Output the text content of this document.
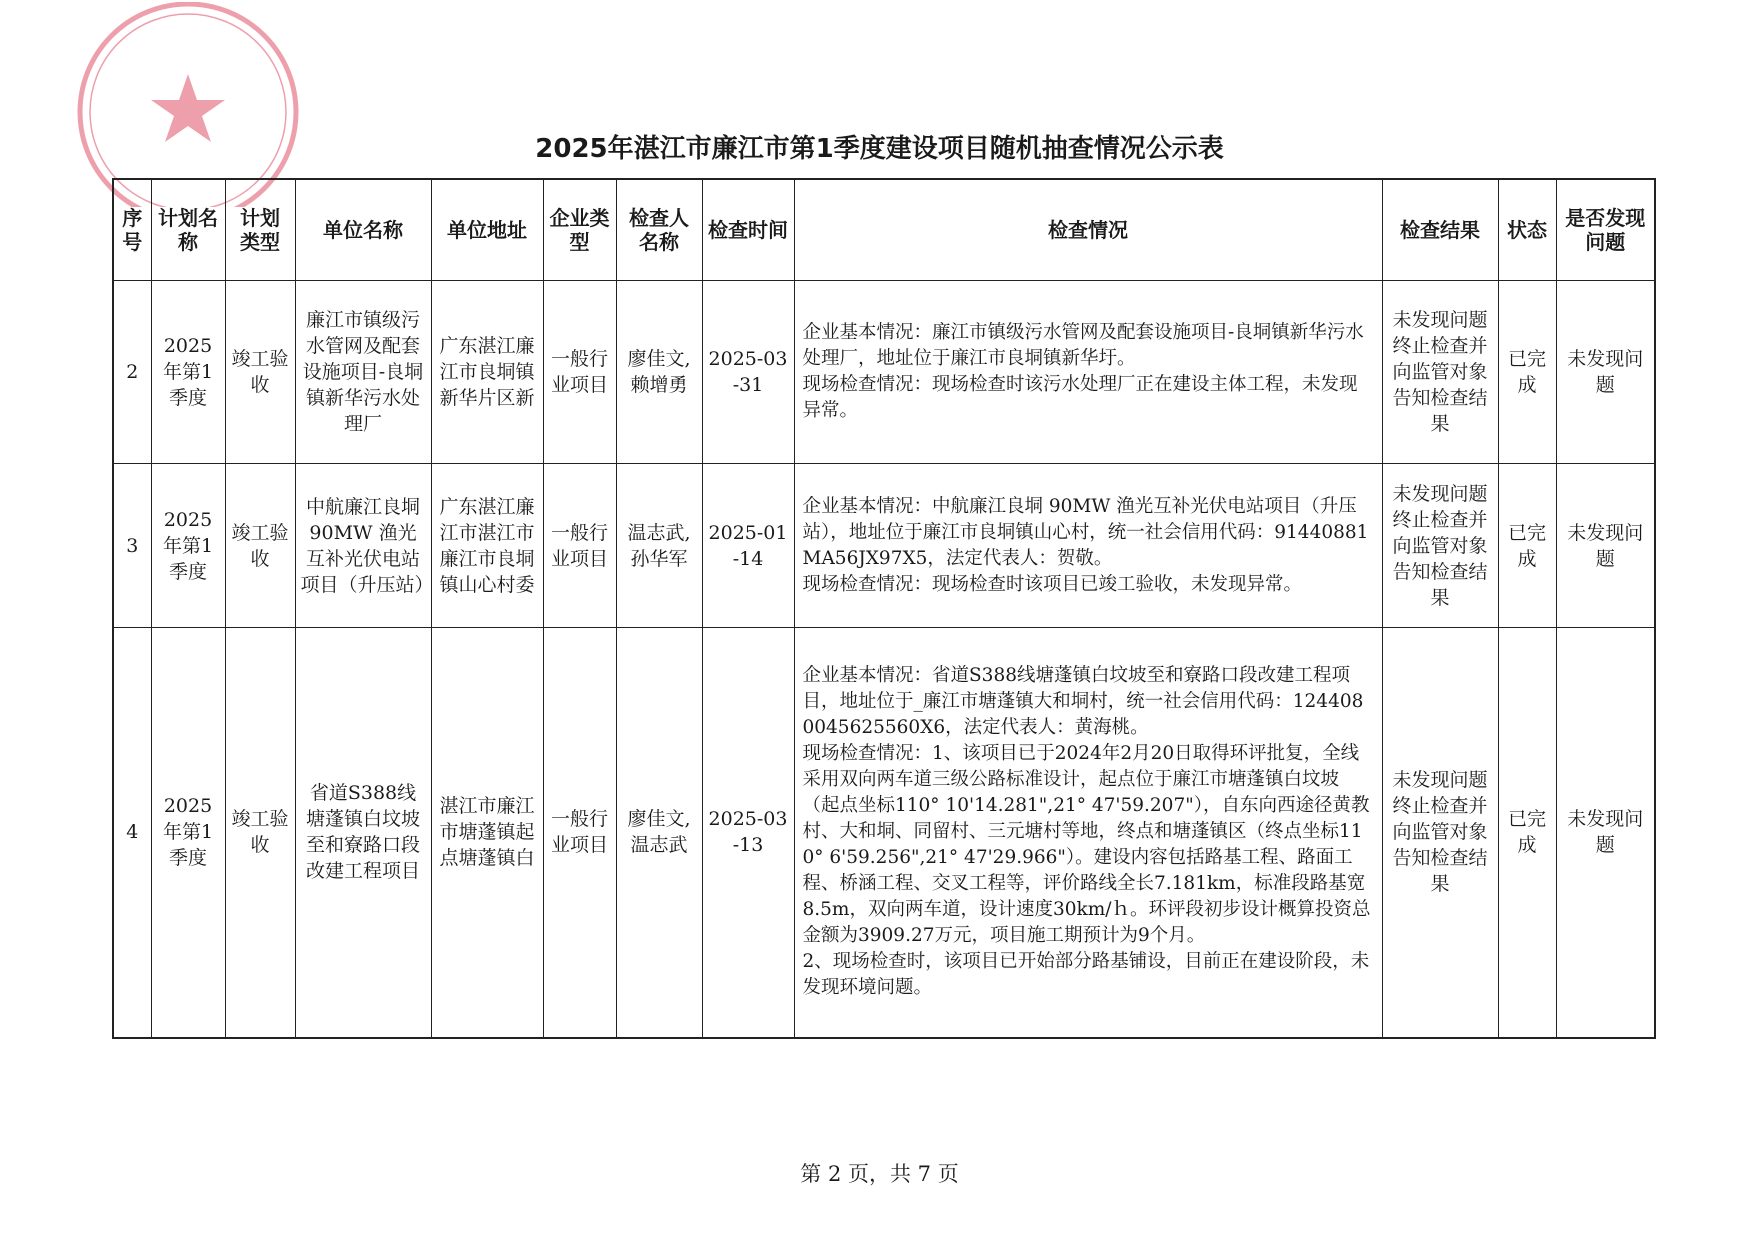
2025年湛江市廉江市第1季度建设项目随机抽查情况公示表
序号	计划名称	计划类型	单位名称	单位地址	企业类型	检查人名称	检查时间	检查情况	检查结果	状态	是否发现问题
2	2025年第1季度	竣工验收	廉江市镇级污水管网及配套设施项目-良垌镇新华污水处理厂	广东湛江廉江市良垌镇新华片区新	一般行业项目	廖佳文,赖增勇	2025-03-31	企业基本情况：廉江市镇级污水管网及配套设施项目-良垌镇新华污水处理厂，地址位于廉江市良垌镇新华圩。
现场检查情况：现场检查时该污水处理厂正在建设主体工程，未发现异常。	未发现问题终止检查并向监管对象告知检查结果	已完成	未发现问题
3	2025年第1季度	竣工验收	中航廉江良垌90MW 渔光互补光伏电站项目（升压站）	广东湛江廉江市湛江市廉江市良垌镇山心村委	一般行业项目	温志武,孙华军	2025-01-14	企业基本情况：中航廉江良垌 90MW 渔光互补光伏电站项目（升压站），地址位于廉江市良垌镇山心村，统一社会信用代码：91440881MA56JX97X5，法定代表人：贺敬。
现场检查情况：现场检查时该项目已竣工验收，未发现异常。	未发现问题终止检查并向监管对象告知检查结果	已完成	未发现问题
4	2025年第1季度	竣工验收	省道S388线塘蓬镇白坟坡至和寮路口段改建工程项目	湛江市廉江市塘蓬镇起点塘蓬镇白	一般行业项目	廖佳文,温志武	2025-03-13	企业基本情况：省道S388线塘蓬镇白坟坡至和寮路口段改建工程项目，地址位于_廉江市塘蓬镇大和垌村，统一社会信用代码：1244080045625560X6，法定代表人：黄海桃。
现场检查情况：1、该项目已于2024年2月20日取得环评批复，全线采用双向两车道三级公路标准设计，起点位于廉江市塘蓬镇白坟坡（起点坐标110° 10'14.281",21° 47'59.207"），自东向西途径黄教村、大和垌、同留村、三元塘村等地，终点和塘蓬镇区（终点坐标110° 6'59.256",21° 47'29.966"）。建设内容包括路基工程、路面工程、桥涵工程、交叉工程等，评价路线全长7.181km，标准段路基宽8.5m，双向两车道，设计速度30km/ｈ。环评段初步设计概算投资总金额为3909.27万元，项目施工期预计为9个月。
2、现场检查时，该项目已开始部分路基铺设，目前正在建设阶段，未发现环境问题。	未发现问题终止检查并向监管对象告知检查结果	已完成	未发现问题
第 2 页，共 7 页
